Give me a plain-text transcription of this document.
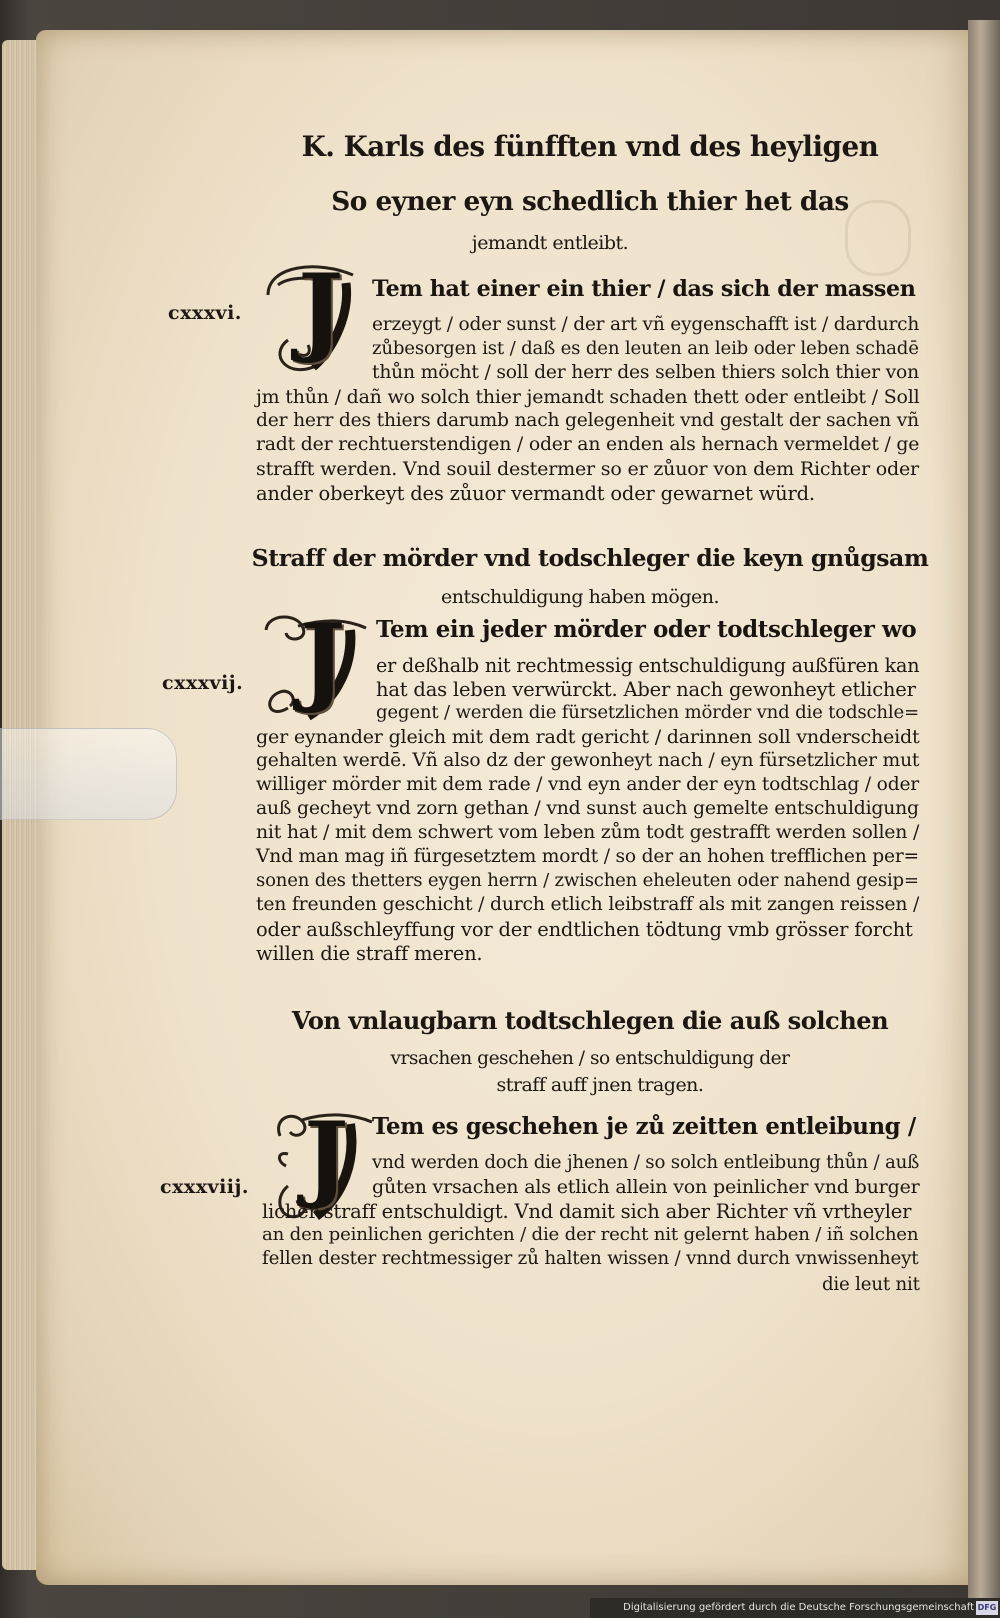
K. Karls des fünfften vnd des heyligen
So eyner eyn schedlich thier het das
jemandt entleibt.
cxxxvi. J Tem hat einer ein thier / das sich der massen
erzeygt / oder sunst / der art vñ eygenschafft ist / dardurch
zůbesorgen ist / daß es den leuten an leib oder leben schadē
thůn möcht / soll der herr des selben thiers solch thier von
jm thůn / dañ wo solch thier jemandt schaden thett oder entleibt / Soll
der herr des thiers darumb nach gelegenheit vnd gestalt der sachen vñ
radt der rechtuerstendigen / oder an enden als hernach vermeldet / ge
strafft werden. Vnd souil destermer so er zůuor von dem Richter oder
ander oberkeyt des zůuor vermandt oder gewarnet würd.
Straff der mörder vnd todschleger die keyn gnůgsam
entschuldigung haben mögen.
cxxxvij. J Tem ein jeder mörder oder todtschleger wo
er deßhalb nit rechtmessig entschuldigung außfüren kan
hat das leben verwürckt. Aber nach gewonheyt etlicher
gegent / werden die fürsetzlichen mörder vnd die todschle=
ger eynander gleich mit dem radt gericht / darinnen soll vnderscheidt
gehalten werdē. Vñ also dz der gewonheyt nach / eyn fürsetzlicher mut
williger mörder mit dem rade / vnd eyn ander der eyn todtschlag / oder
auß gecheyt vnd zorn gethan / vnd sunst auch gemelte entschuldigung
nit hat / mit dem schwert vom leben zům todt gestrafft werden sollen /
Vnd man mag iñ fürgesetztem mordt / so der an hohen trefflichen per=
sonen des thetters eygen herrn / zwischen eheleuten oder nahend gesip=
ten freunden geschicht / durch etlich leibstraff als mit zangen reissen /
oder außschleyffung vor der endtlichen tödtung vmb grösser forcht
willen die straff meren.
Von vnlaugbarn todtschlegen die auß solchen
vrsachen geschehen / so entschuldigung der
straff auff jnen tragen.
cxxxviij. J Tem es geschehen je zů zeitten entleibung /
vnd werden doch die jhenen / so solch entleibung thůn / auß
gůten vrsachen als etlich allein von peinlicher vnd burger
licher straff entschuldigt. Vnd damit sich aber Richter vñ vrtheyler
an den peinlichen gerichten / die der recht nit gelernt haben / iñ solchen
fellen dester rechtmessiger zů halten wissen / vnnd durch vnwissenheyt
die leut nit
Digitalisierung gefördert durch die Deutsche Forschungsgemeinschaft DFG
